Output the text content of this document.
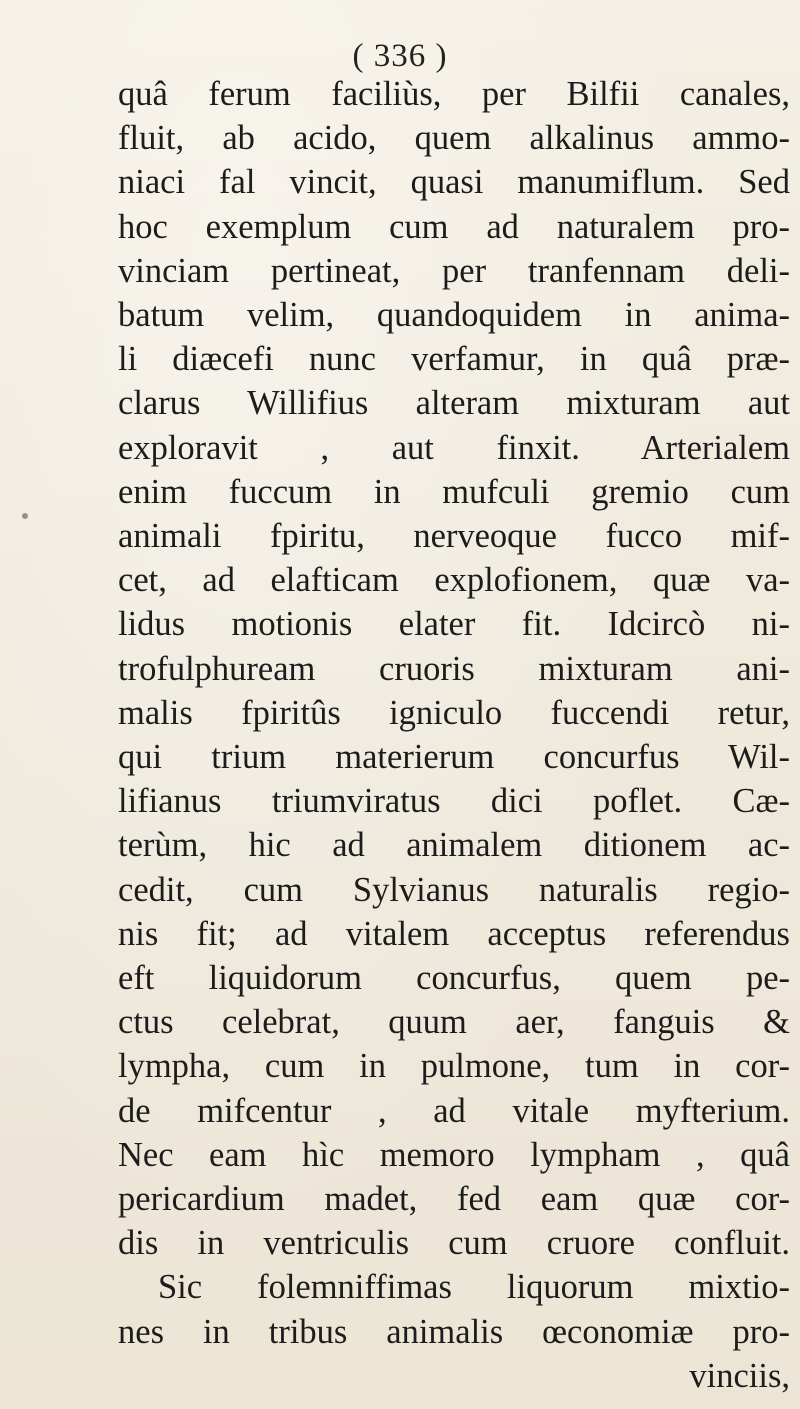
( 336 )
quâ ferum faciliùs, per Bilfii canales,
fluit, ab acido, quem alkalinus ammo-
niaci fal vincit, quasi manumiflum. Sed
hoc exemplum cum ad naturalem pro-
vinciam pertineat, per tranfennam deli-
batum velim, quandoquidem in anima-
li diæcefi nunc verfamur, in quâ præ-
clarus Willifius alteram mixturam aut
exploravit , aut finxit. Arterialem
enim fuccum in mufculi gremio cum
animali fpiritu, nerveoque fucco mif-
cet, ad elafticam explofionem, quæ va-
lidus motionis elater fit. Idcircò ni-
trofulphuream cruoris mixturam ani-
malis fpiritûs igniculo fuccendi retur,
qui trium materierum concurfus Wil-
lifianus triumviratus dici poflet. Cæ-
terùm, hic ad animalem ditionem ac-
cedit, cum Sylvianus naturalis regio-
nis fit; ad vitalem acceptus referendus
eft liquidorum concurfus, quem pe-
ctus celebrat, quum aer, fanguis &
lympha, cum in pulmone, tum in cor-
de mifcentur , ad vitale myfterium.
Nec eam hìc memoro lympham , quâ
pericardium madet, fed eam quæ cor-
dis in ventriculis cum cruore confluit.
Sic folemniffimas liquorum mixtio-
nes in tribus animalis œconomiæ pro-
vinciis,
